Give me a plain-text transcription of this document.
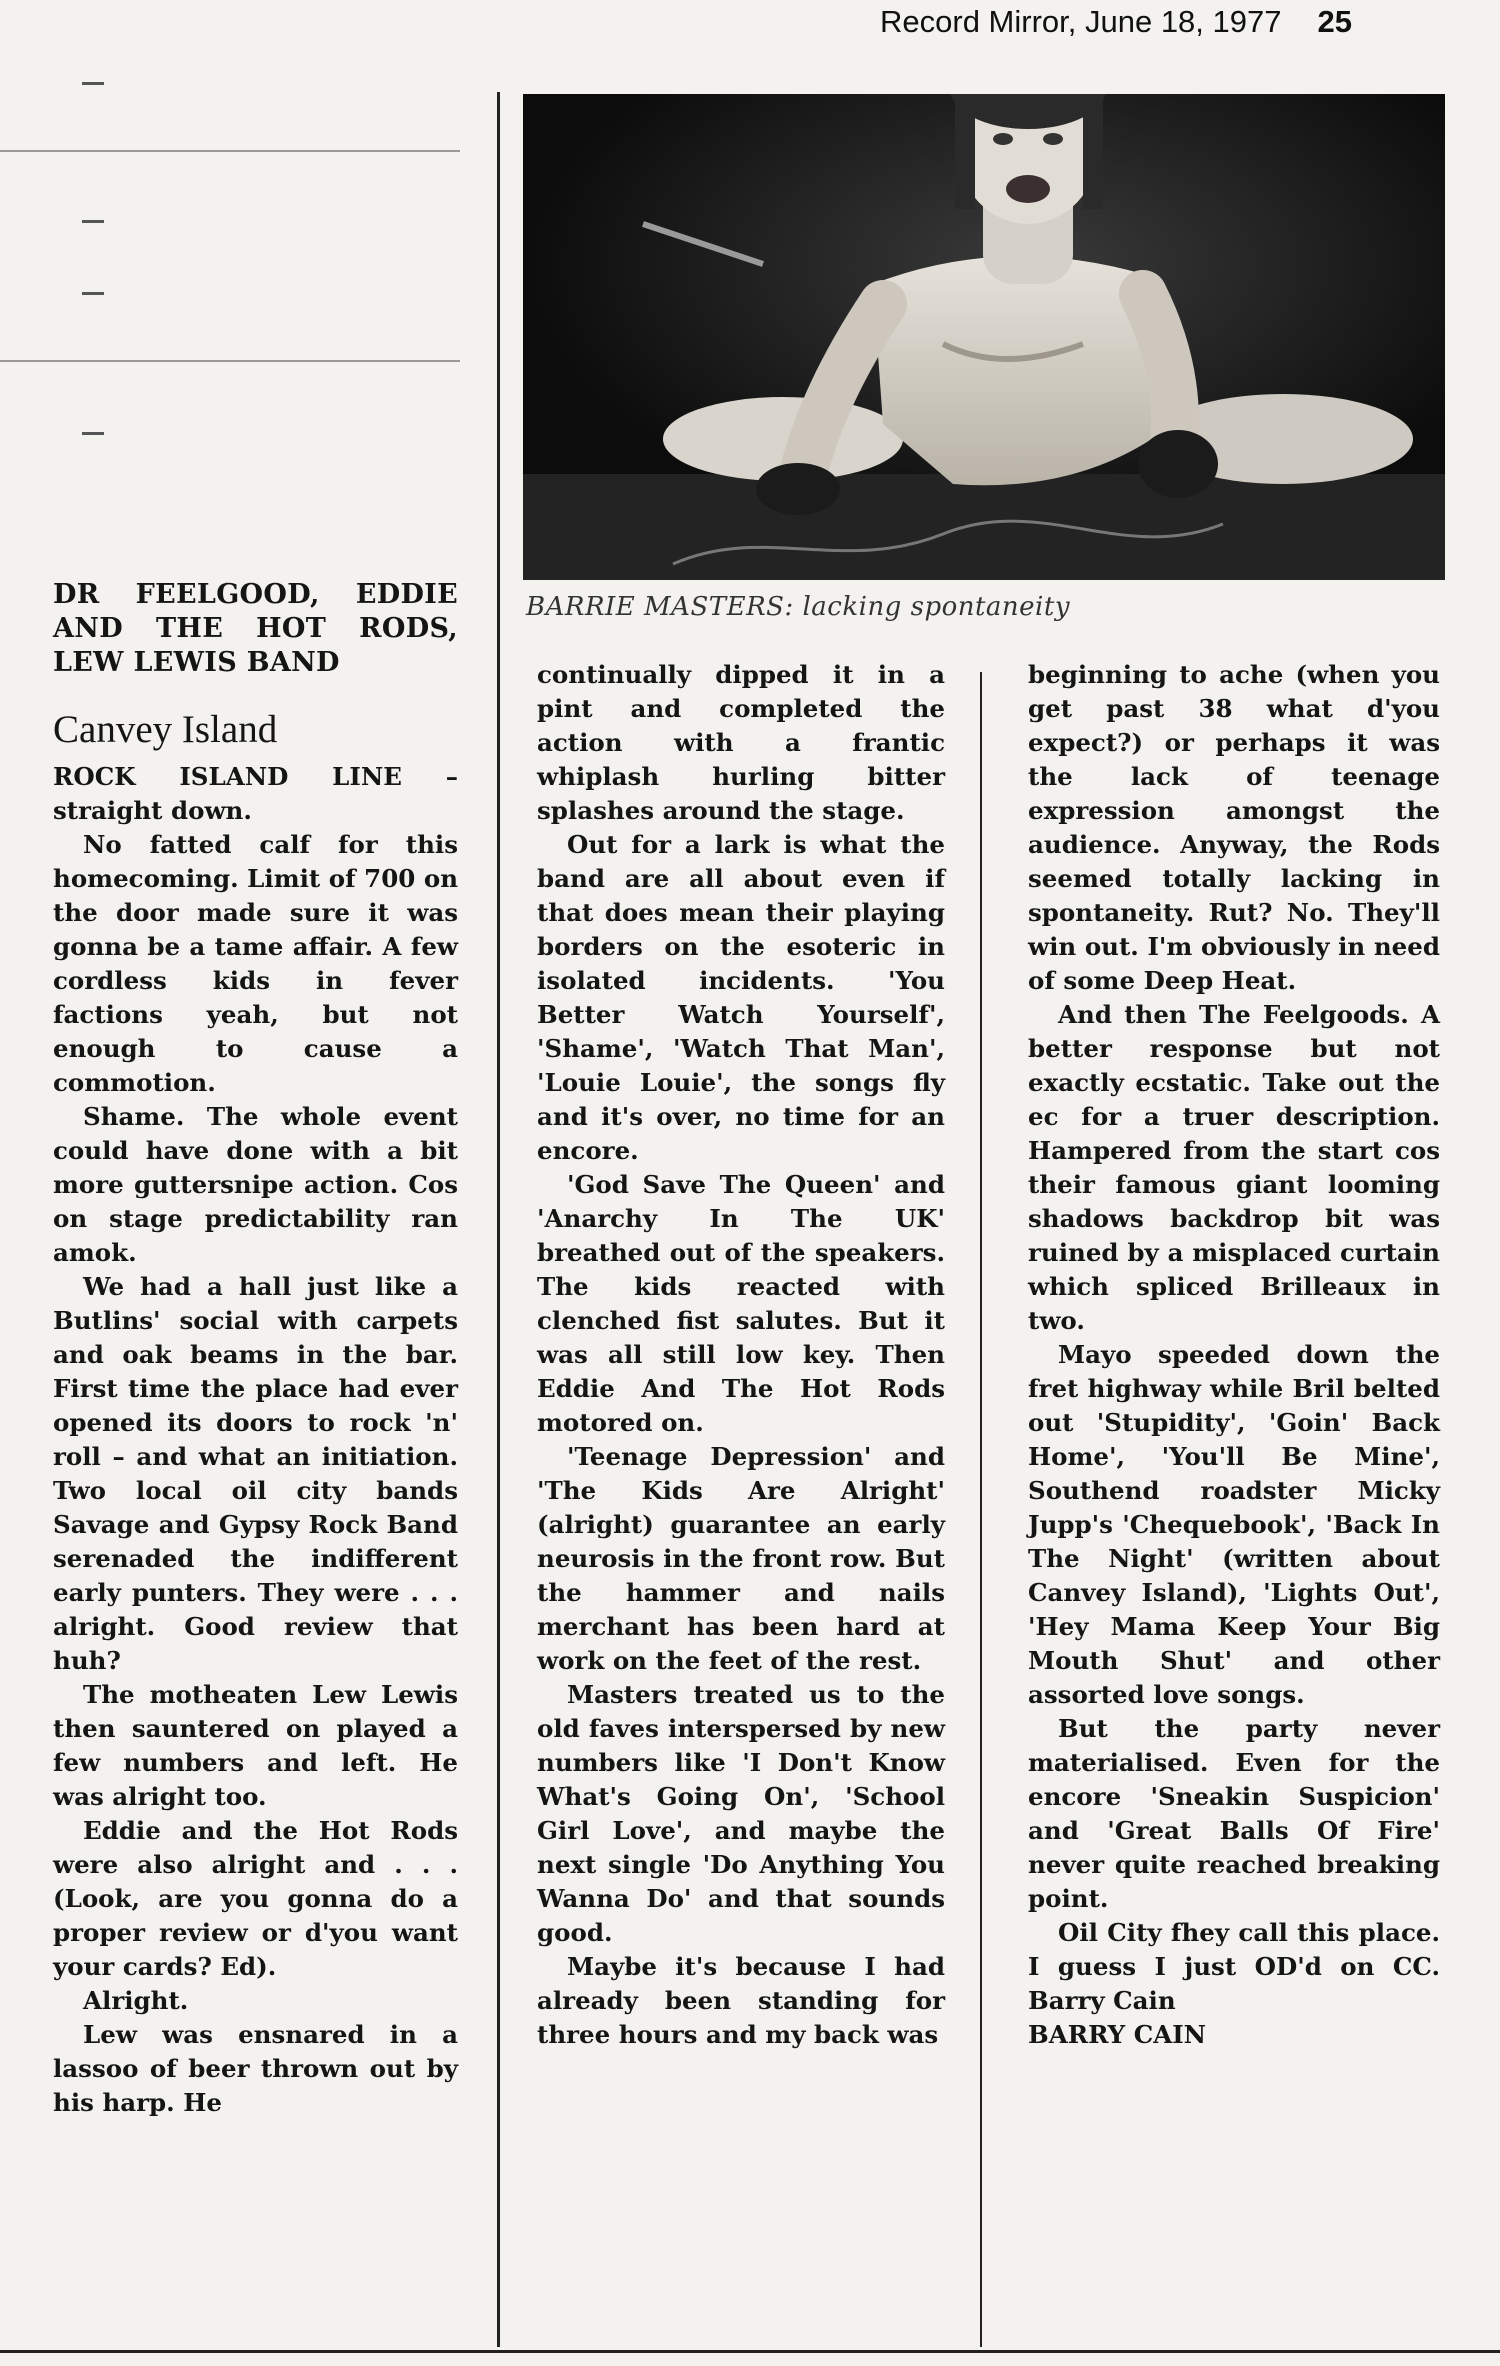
Record Mirror, June 18, 1977 25
BARRIE MASTERS: lacking spontaneity
DR FEELGOOD, EDDIE AND THE HOT RODS, LEW LEWIS BAND
Canvey Island

ROCK ISLAND LINE – straight down.

No fatted calf for this homecoming. Limit of 700 on the door made sure it was gonna be a tame affair. A few cordless kids in fever factions yeah, but not enough to cause a commotion.

Shame. The whole event could have done with a bit more guttersnipe action. Cos on stage predictability ran amok.

We had a hall just like a Butlins' social with carpets and oak beams in the bar. First time the place had ever opened its doors to rock 'n' roll – and what an initiation. Two local oil city bands Savage and Gypsy Rock Band serenaded the indifferent early punters. They were . . . alright. Good review that huh?

The motheaten Lew Lewis then sauntered on played a few numbers and left. He was alright too.

Eddie and the Hot Rods were also alright and . . . (Look, are you gonna do a proper review or d'you want your cards? Ed).

Alright.

Lew was ensnared in a lassoo of beer thrown out by his harp. He

continually dipped it in a pint and completed the action with a frantic whiplash hurling bitter splashes around the stage.

Out for a lark is what the band are all about even if that does mean their playing borders on the esoteric in isolated incidents. 'You Better Watch Yourself', 'Shame', 'Watch That Man', 'Louie Louie', the songs fly and it's over, no time for an encore.

'God Save The Queen' and 'Anarchy In The UK' breathed out of the speakers. The kids reacted with clenched fist salutes. But it was all still low key. Then Eddie And The Hot Rods motored on.

'Teenage Depression' and 'The Kids Are Alright' (alright) guarantee an early neurosis in the front row. But the hammer and nails merchant has been hard at work on the feet of the rest.

Masters treated us to the old faves interspersed by new numbers like 'I Don't Know What's Going On', 'School Girl Love', and maybe the next single 'Do Anything You Wanna Do' and that sounds good.

Maybe it's because I had already been standing for three hours and my back was

beginning to ache (when you get past 38 what d'you expect?) or perhaps it was the lack of teenage expression amongst the audience. Anyway, the Rods seemed totally lacking in spontaneity. Rut? No. They'll win out. I'm obviously in need of some Deep Heat.

And then The Feelgoods. A better response but not exactly ecstatic. Take out the ec for a truer description. Hampered from the start cos their famous giant looming shadows backdrop bit was ruined by a misplaced curtain which spliced Brilleaux in two.

Mayo speeded down the fret highway while Bril belted out 'Stupidity', 'Goin' Back Home', 'You'll Be Mine', Southend roadster Micky Jupp's 'Chequebook', 'Back In The Night' (written about Canvey Island), 'Lights Out', 'Hey Mama Keep Your Big Mouth Shut' and other assorted love songs.

But the party never materialised. Even for the encore 'Sneakin Suspicion' and 'Great Balls Of Fire' never quite reached breaking point.

Oil City fhey call this place. I guess I just OD'd on CC. Barry Cain

BARRY CAIN
